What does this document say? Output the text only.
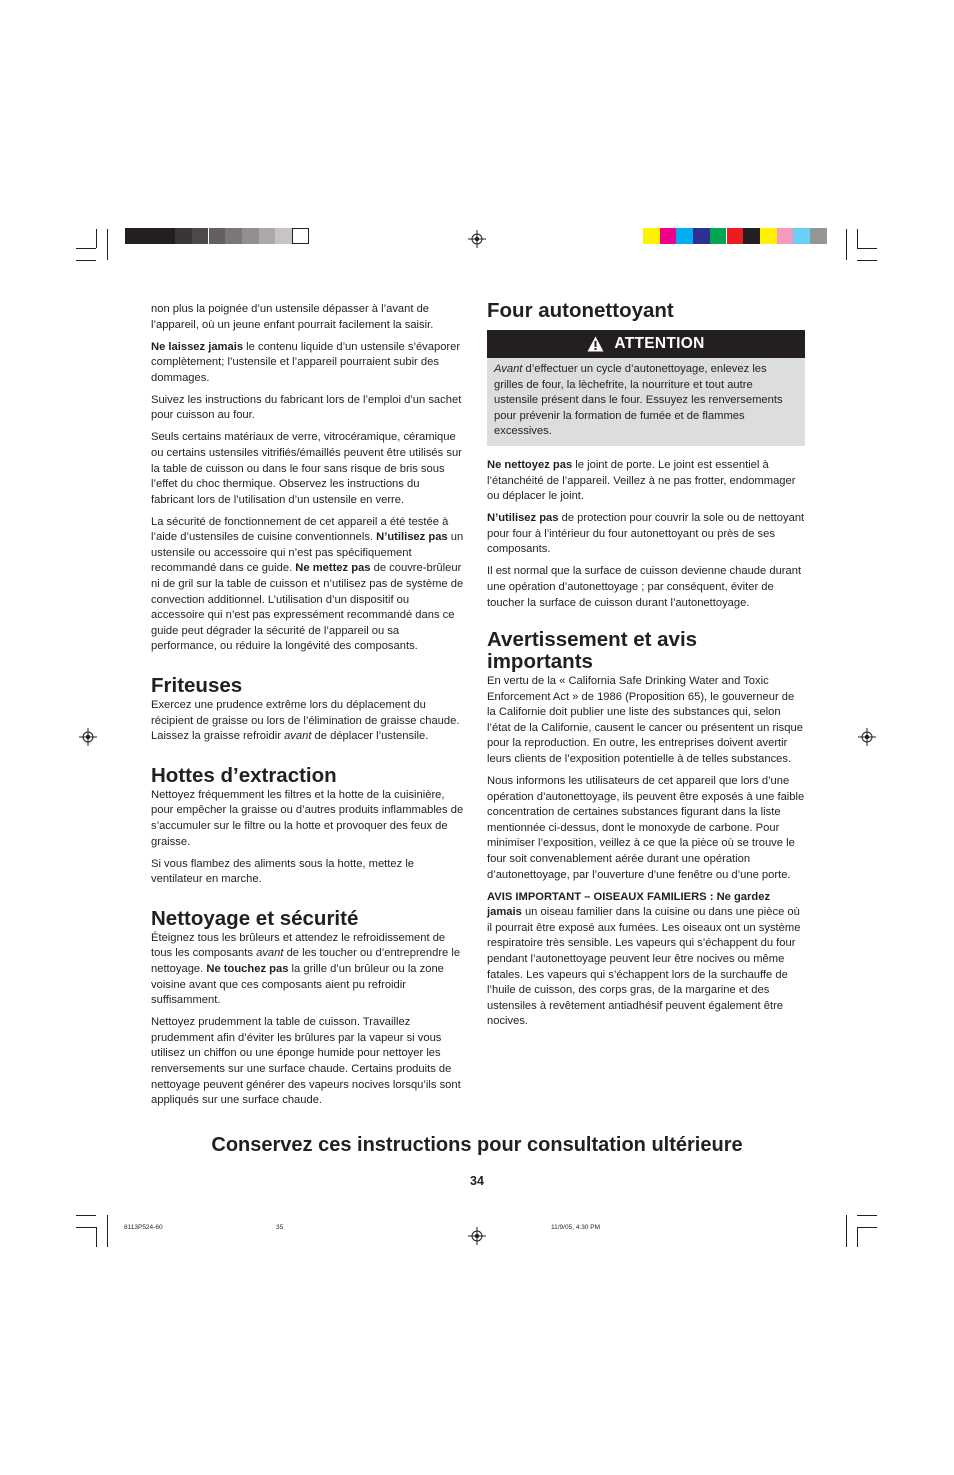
non plus la poignée d’un ustensile dépasser à l’avant de l’appareil, où un jeune enfant pourrait facilement la saisir.

Ne laissez jamais le contenu liquide d’un ustensile s’évaporer complètement; l’ustensile et l’appareil pourraient subir des dommages.

Suivez les instructions du fabricant lors de l’emploi d’un sachet pour cuisson au four.

Seuls certains matériaux de verre, vitrocéramique, céramique ou certains ustensiles vitrifiés/émaillés peuvent être utilisés sur la table de cuisson ou dans le four sans risque de bris sous l’effet du choc thermique. Observez les instructions du fabricant lors de l’utilisation d’un ustensile en verre.

La sécurité de fonctionnement de cet appareil a été testée à l’aide d’ustensiles de cuisine conventionnels. N’utilisez pas un ustensile ou accessoire qui n’est pas spécifiquement recommandé dans ce guide. Ne mettez pas de couvre-brûleur ni de gril sur la table de cuisson et n’utilisez pas de système de convection additionnel. L’utilisation d’un dispositif ou accessoire qui n’est pas expressément recommandé dans ce guide peut dégrader la sécurité de l’appareil ou sa performance, ou réduire la longévité des composants.

Friteuses

Exercez une prudence extrême lors du déplacement du récipient de graisse ou lors de l’élimination de graisse chaude. Laissez la graisse refroidir avant de déplacer l’ustensile.

Hottes d’extraction

Nettoyez fréquemment les filtres et la hotte de la cuisinière, pour empêcher la graisse ou d’autres produits inflammables de s’accumuler sur le filtre ou la hotte et provoquer des feux de graisse.

Si vous flambez des aliments sous la hotte, mettez le ventilateur en marche.

Nettoyage et sécurité

Éteignez tous les brûleurs et attendez le refroidissement de tous les composants avant de les toucher ou d’entreprendre le nettoyage. Ne touchez pas la grille d’un brûleur ou la zone voisine avant que ces composants aient pu refroidir suffisamment.

Nettoyez prudemment la table de cuisson. Travaillez prudemment afin d’éviter les brûlures par la vapeur si vous utilisez un chiffon ou une éponge humide pour nettoyer les renversements sur une surface chaude. Certains produits de nettoyage peuvent générer des vapeurs nocives lorsqu’ils sont appliqués sur une surface chaude.

Four autonettoyant
ATTENTION
Avant d’effectuer un cycle d’autonettoyage, enlevez les grilles de four, la lèchefrite, la nourriture et tout autre ustensile présent dans le four. Essuyez les renversements pour prévenir la formation de fumée et de flammes excessives.

Ne nettoyez pas le joint de porte. Le joint est essentiel à l’étanchéité de l’appareil. Veillez à ne pas frotter, endommager ou déplacer le joint.

N’utilisez pas de protection pour couvrir la sole ou de nettoyant pour four à l’intérieur du four autonettoyant ou près de ses composants.

Il est normal que la surface de cuisson devienne chaude durant une opération d’autonettoyage ; par conséquent, éviter de toucher la surface de cuisson durant l’autonettoyage.

Avertissement et avis importants

En vertu de la « California Safe Drinking Water and Toxic Enforcement Act » de 1986 (Proposition 65), le gouverneur de la Californie doit publier une liste des substances qui, selon l’état de la Californie, causent le cancer ou présentent un risque pour la reproduction. En outre, les entreprises doivent avertir leurs clients de l’exposition potentielle à de telles substances.

Nous informons les utilisateurs de cet appareil que lors d’une opération d’autonettoyage, ils peuvent être exposés à une faible concentration de certaines substances figurant dans la liste mentionnée ci-dessus, dont le monoxyde de carbone. Pour minimiser l’exposition, veillez à ce que la pièce où se trouve le four soit convenablement aérée durant une opération d’autonettoyage, par l’ouverture d’une fenêtre ou d’une porte.

AVIS IMPORTANT – OISEAUX FAMILIERS : Ne gardez jamais un oiseau familier dans la cuisine ou dans une pièce où il pourrait être exposé aux fumées. Les oiseaux ont un système respiratoire très sensible. Les vapeurs qui s’échappent du four pendant l’autonettoyage peuvent leur être nocives ou même fatales. Les vapeurs qui s’échappent lors de la surchauffe de l’huile de cuisson, des corps gras, de la margarine et des ustensiles à revêtement antiadhésif peuvent également être nocives.

Conservez ces instructions pour consultation ultérieure
34
8113P524-60	35	11/9/05, 4:30 PM
